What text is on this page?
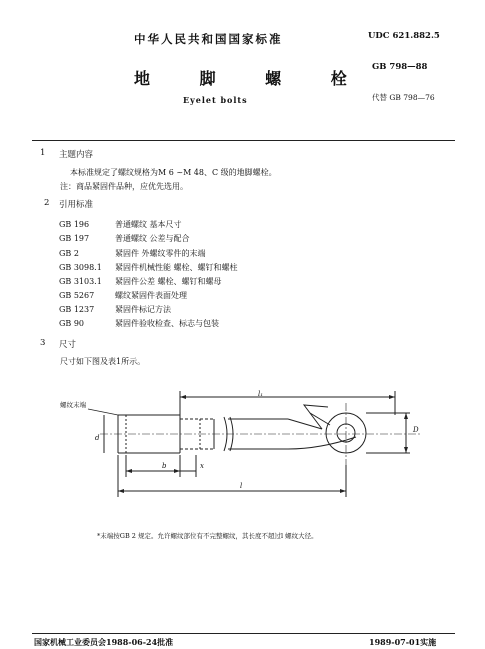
中华人民共和国国家标准	UDC 621.882.5
GB 798—88
代替 GB 798—76
地 脚 螺 栓
Eyelet bolts
1 主题内容
本标准规定了螺纹规格为M 6 ~M 48、C 级的地脚螺栓。
注：商品紧固件品种，应优先选用。
2 引用标准
GB 196	普通螺纹 基本尺寸
GB 197	普通螺纹 公差与配合
GB 2	紧固件 外螺纹零件的末端
GB 3098.1 紧固件机械性能 螺栓、螺钉和螺柱
GB 3103.1 紧固件公差 螺栓、螺钉和螺母
GB 5267	螺纹紧固件表面处理
GB 1237	紧固件标记方法
GB 90	紧固件验收检查、标志与包装
3 尺寸
尺寸如下图及表1所示。
螺纹末端
l₁
d
b	x
l
D
*末端按GB 2 规定。允许螺纹部位有不完整螺纹，其长度不超过l 螺纹大径。
国家机械工业委员会1988-06-24批准	1989-07-01实施
